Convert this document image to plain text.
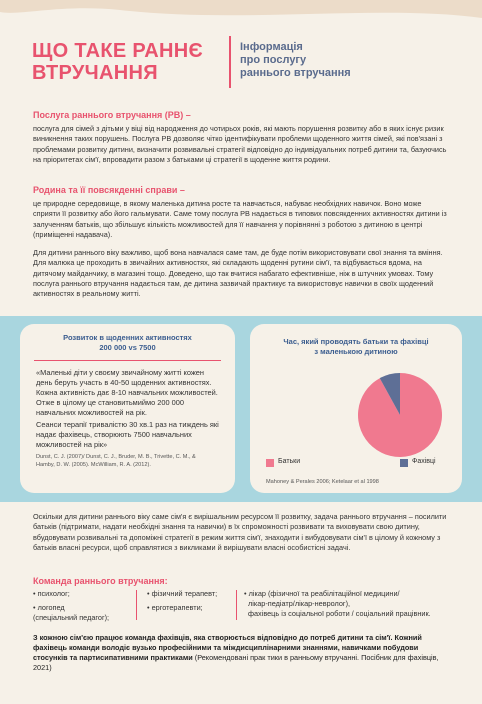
ЩО ТАКЕ РАННЄ
ВТРУЧАННЯ
Інформація
про послугу
раннього втручання
Послуга раннього втручання (РВ) –
послуга для сімей з дітьми у віці від народження до чотирьох років, які мають порушення розвитку або в яких існує ризик виникнення таких порушень. Послуга РВ дозволяє чітко ідентифікувати проблеми щоденного життя сімей, які пов'язані з проблемами розвитку дитини, визначити розвивальні стратегії відповідно до індивідуальних потреб дитини та, базуючись на пріоритетах сім'ї, впровадити разом з батьками ці стратегії в щоденне життя родини.
Родина та її повсякденні справи –
це природне середовище, в якому маленька дитина росте та навчається, набуває необхідних навичок. Воно може сприяти її розвитку або його гальмувати. Саме тому послуга РВ надається в типових повсякденних активностях дитини із залученням батьків, що збільшує кількість можливостей для її навчання у порівнянні з роботою з дитиною в центрі (приміщенні надавача).
Для дитини раннього віку важливо, щоб вона навчалася саме там, де буде потім використовувати свої знання та вміння. Для малюка це проходить в звичайних активностях, які складають щоденні рутини сім'ї, та відбувається вдома, на дитячому майданчику, в магазині тощо. Доведено, що так вчитися набагато ефективніше, ніж в штучних умовах. Тому послуга раннього втручання надається там, де дитина зазвичай практикує та використовує навички в своїх щоденний активностях в реальному житті.
Розвиток в щоденних активностях
200 000 vs 7500
«Маленькі діти у своєму звичайному житті кожен день беруть участь в 40-50 щоденних активностях. Кожна активність дає 8-10 навчальних можливостей. Отже в цілому це становитьмиймо 200 000 навчальних можливостей на рік.
Сеанси терапії тривалістю 30 хв.1 раз на тиждень які надає фахівець, створюють 7500 навчальних можливостей на рік»
Dunst, C. J. (2007)/ Dunst, C. J., Bruder, M. B., Trivette, C. M., & Hamby, D. W. (2005). McWilliam, R. A. (2012).
Час, який проводять батьки та фахівці
з маленькою дитиною
Батьки	Фахівці
Mahoney & Perales 2006; Ketelaar et al 1998
Оскільки для дитини раннього віку саме сім'я є вирішальним ресурсом її розвитку, задача раннього втручання – посилити батьків (підтримати, надати необхідні знання та навички) в їх спроможності розвивати та виховувати свою дитину, вбудовувати розвивальні та допоміжні стратегії в режим життя сім'ї, знаходити і вибудовувати сім'ї в цілому й кожному з батьків власні ресурси, щоб справлятися з викликами й вирішувати власні особистісні задачі.
Команда раннього втручання:
• психолог;
• логопед
(спеціальний педагог);
• фізичний терапевт;
• ерготерапевти;
• лікар (фізичної та реабілітаційної медицини/
лікар-педіатр/лікар-невролог),
фахівець із соціальної роботи / соціальний працівник.
З кожною сім'єю працює команда фахівців, яка створюється відповідно до потреб дитини та сім'ї. Кожний фахівець команди володіє вузько професійними та міждисциплінарними знаннями, навичками побудови стосунків та партисипативними практиками (Рекомендовані прак тики в ранньому втручанні. Посібник для фахівців, 2021)
